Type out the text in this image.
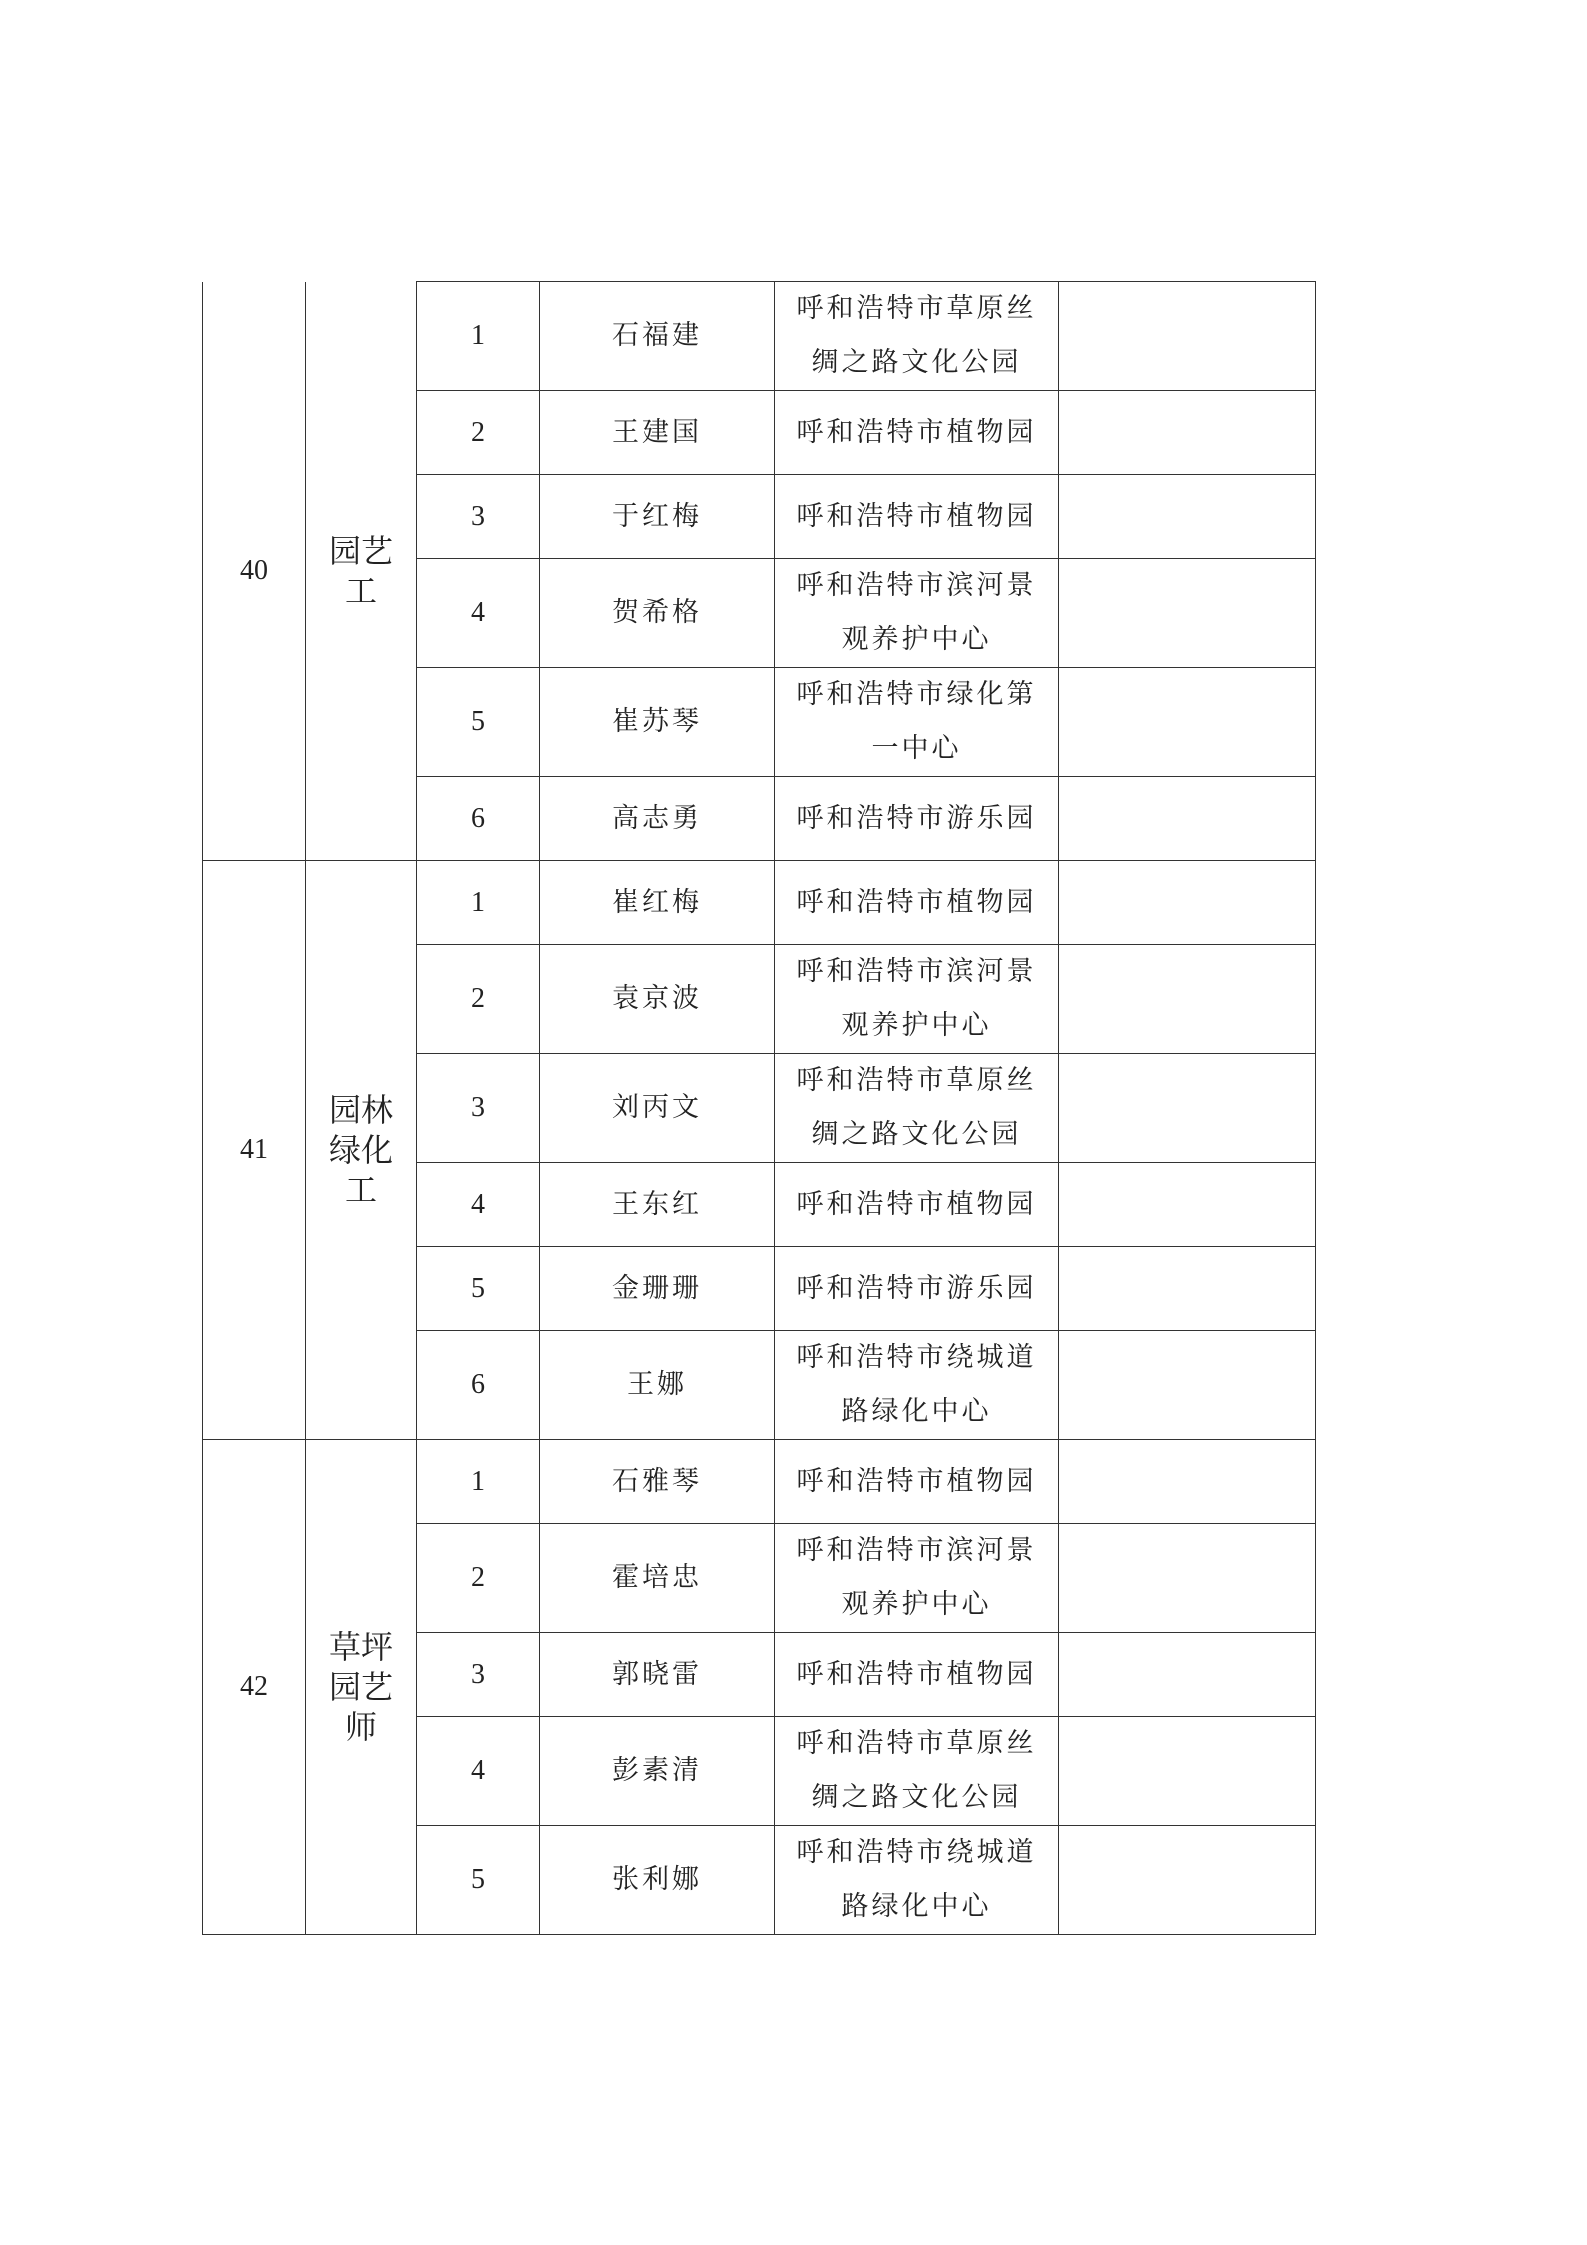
40	园艺工	1	石福建	呼和浩特市草原丝绸之路文化公园	
		2	王建国	呼和浩特市植物园	
		3	于红梅	呼和浩特市植物园	
		4	贺希格	呼和浩特市滨河景观养护中心	
		5	崔苏琴	呼和浩特市绿化第一中心	
		6	高志勇	呼和浩特市游乐园	
41	园林绿化工	1	崔红梅	呼和浩特市植物园	
		2	袁京波	呼和浩特市滨河景观养护中心	
		3	刘丙文	呼和浩特市草原丝绸之路文化公园	
		4	王东红	呼和浩特市植物园	
		5	金珊珊	呼和浩特市游乐园	
		6	王娜	呼和浩特市绕城道路绿化中心	
42	草坪园艺师	1	石雅琴	呼和浩特市植物园	
		2	霍培忠	呼和浩特市滨河景观养护中心	
		3	郭晓雷	呼和浩特市植物园	
		4	彭素清	呼和浩特市草原丝绸之路文化公园	
		5	张利娜	呼和浩特市绕城道路绿化中心	
